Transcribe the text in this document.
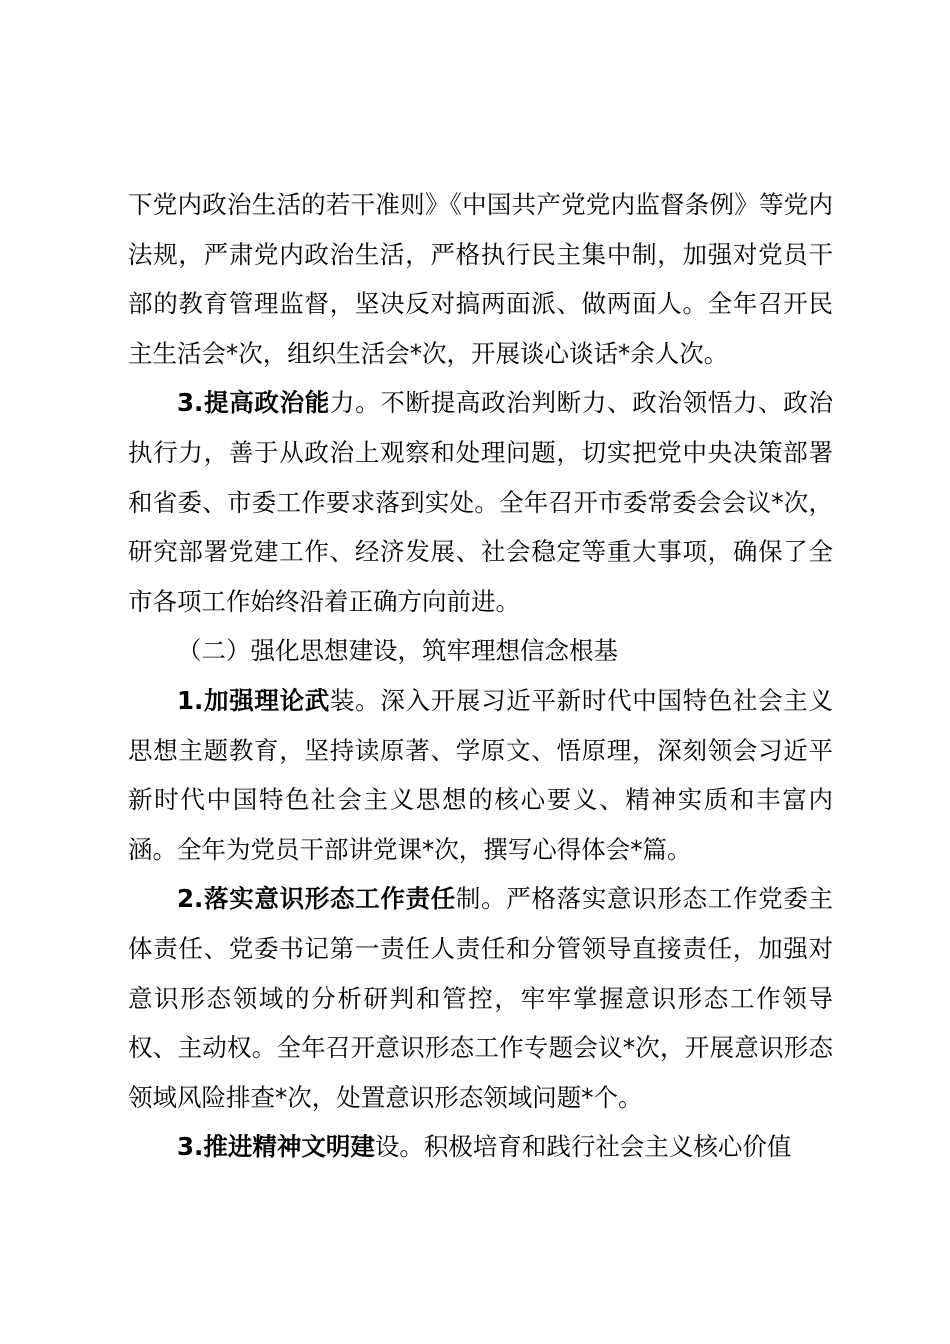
下党内政治生活的若干准则》《中国共产党党内监督条例》等党内法规，严肃党内政治生活，严格执行民主集中制，加强对党员干部的教育管理监督，坚决反对搞两面派、做两面人。全年召开民主生活会*次，组织生活会*次，开展谈心谈话*余人次。

3.提高政治能力。不断提高政治判断力、政治领悟力、政治执行力，善于从政治上观察和处理问题，切实把党中央决策部署和省委、市委工作要求落到实处。全年召开市委常委会会议*次，研究部署党建工作、经济发展、社会稳定等重大事项，确保了全市各项工作始终沿着正确方向前进。

（二）强化思想建设，筑牢理想信念根基

1.加强理论武装。深入开展习近平新时代中国特色社会主义思想主题教育，坚持读原著、学原文、悟原理，深刻领会习近平新时代中国特色社会主义思想的核心要义、精神实质和丰富内涵。全年为党员干部讲党课*次，撰写心得体会*篇。

2.落实意识形态工作责任制。严格落实意识形态工作党委主体责任、党委书记第一责任人责任和分管领导直接责任，加强对意识形态领域的分析研判和管控，牢牢掌握意识形态工作领导权、主动权。全年召开意识形态工作专题会议*次，开展意识形态领域风险排查*次，处置意识形态领域问题*个。

3.推进精神文明建设。积极培育和践行社会主义核心价值
